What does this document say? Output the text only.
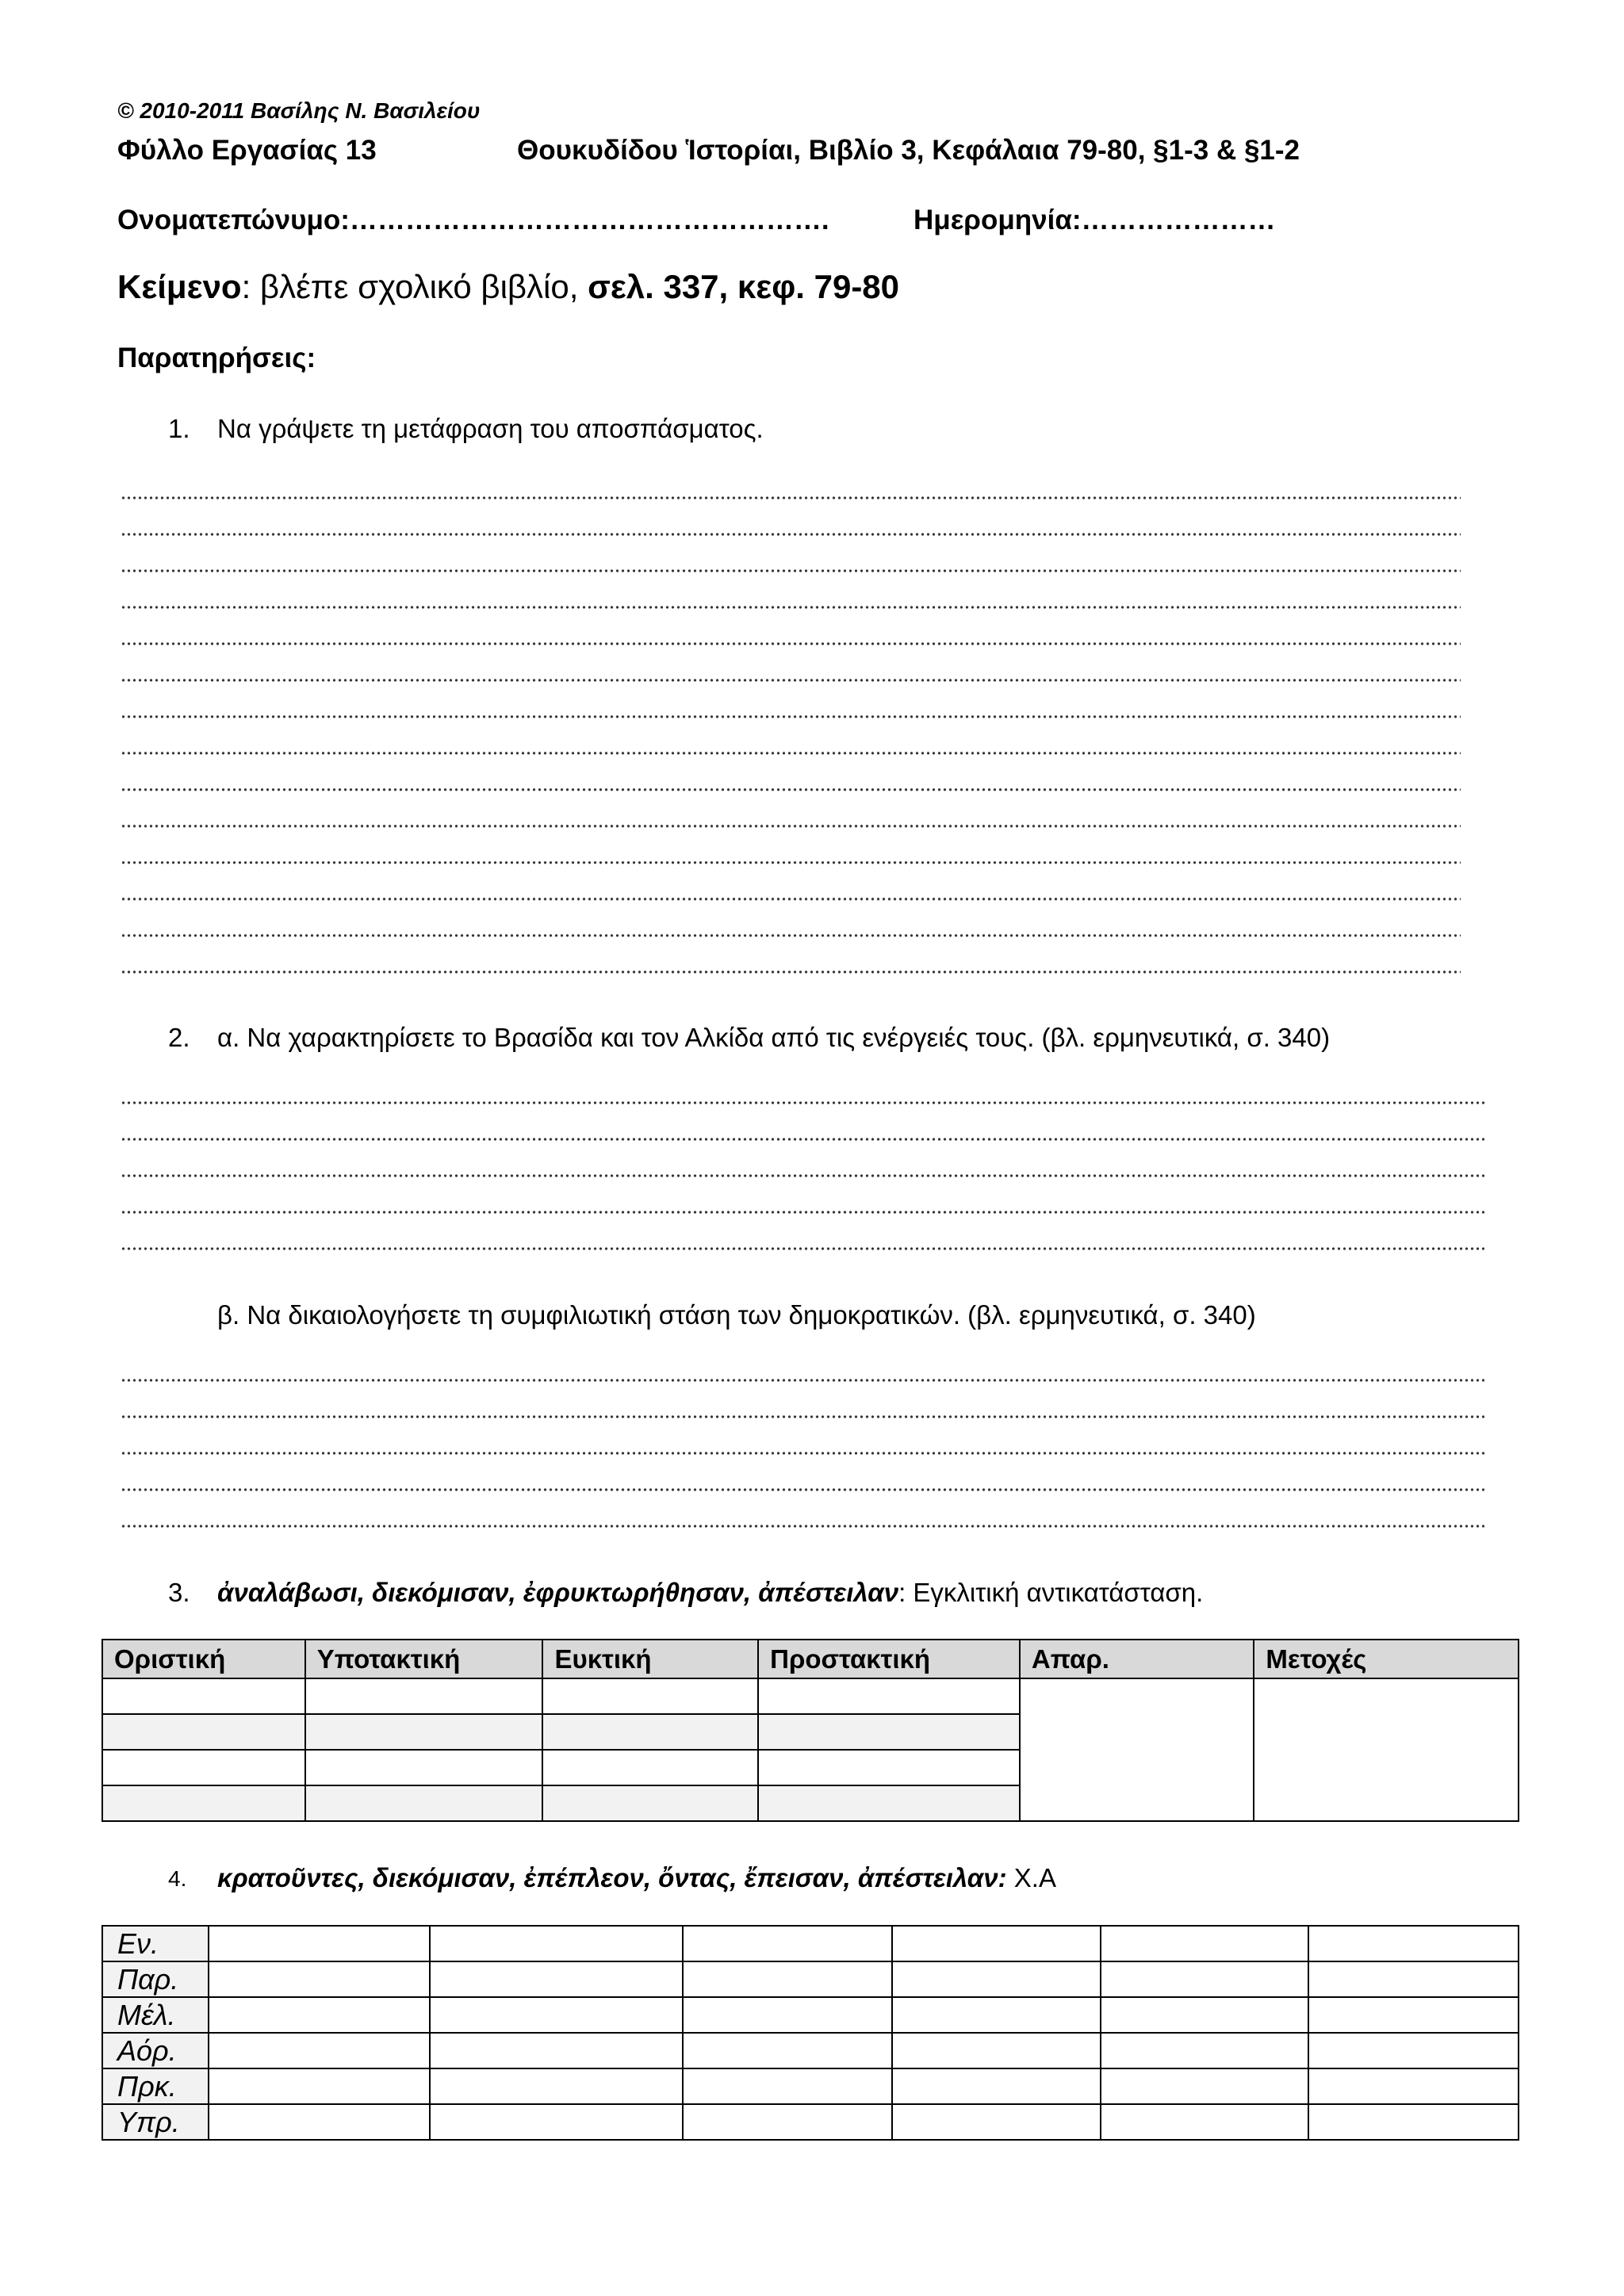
© 2010-2011 Βασίλης Ν. Βασιλείου
Φύλλο Εργασίας 13	Θουκυδίδου Ἱστορίαι, Βιβλίο 3, Κεφάλαια 79-80, §1-3 & §1-2
Ονοματεπώνυμο:…………………………………………….	Ημερομηνία:…………………
Κείμενο: βλέπε σχολικό βιβλίο, σελ. 337, κεφ. 79-80
Παρατηρήσεις:
1. Να γράψετε τη μετάφραση του αποσπάσματος.
2. α. Να χαρακτηρίσετε το Βρασίδα και τον Αλκίδα από τις ενέργειές τους. (βλ. ερμηνευτικά, σ. 340)
β. Να δικαιολογήσετε τη συμφιλιωτική στάση των δημοκρατικών. (βλ. ερμηνευτικά, σ. 340)
3. ἀναλάβωσι, διεκόμισαν, ἐφρυκτωρήθησαν, ἀπέστειλαν: Εγκλιτική αντικατάσταση.
Οριστική	Υποτακτική	Ευκτική	Προστακτική	Απαρ.	Μετοχές

4. κρατοῦντες, διεκόμισαν, ἐπέπλεον, ὄντας, ἔπεισαν, ἀπέστειλαν: Χ.Α
Εν.						
Παρ.						
Μέλ.						
Αόρ.						
Πρκ.						
Υπρ.						
